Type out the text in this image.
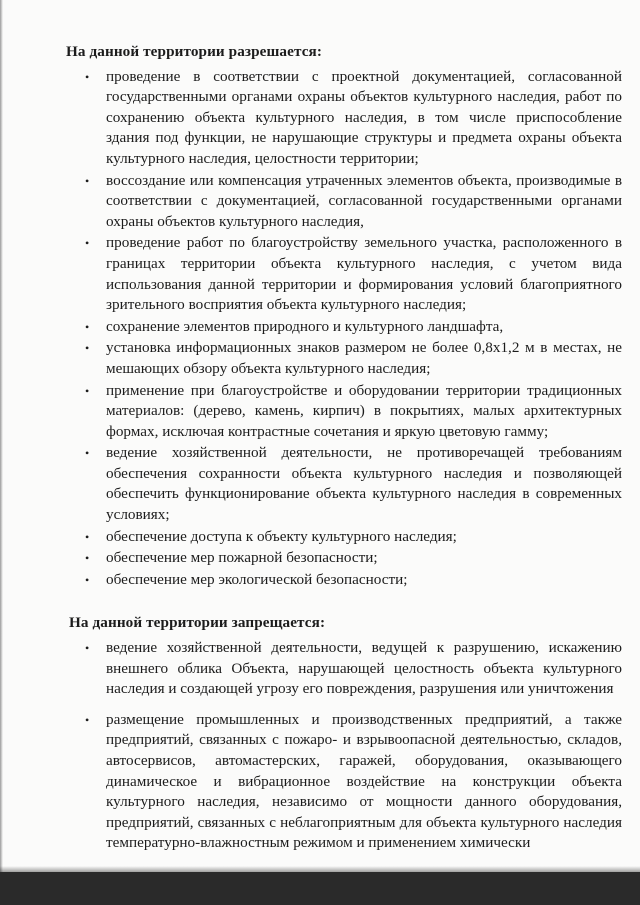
На данной территории разрешается:
• проведение в соответствии с проектной документацией, согласованной государственными органами охраны объектов культурного наследия, работ по сохранению объекта культурного наследия, в том числе приспособление здания под функции, не нарушающие структуры и предмета охраны объекта культурного наследия, целостности территории;
• воссоздание или компенсация утраченных элементов объекта, производимые в соответствии с документацией, согласованной государственными органами охраны объектов культурного наследия,
• проведение работ по благоустройству земельного участка, расположенного в границах территории объекта культурного наследия, с учетом вида использования данной территории и формирования условий благоприятного зрительного восприятия объекта культурного наследия;
• сохранение элементов природного и культурного ландшафта,
• установка информационных знаков размером не более 0,8х1,2 м в местах, не мешающих обзору объекта культурного наследия;
• применение при благоустройстве и оборудовании территории традиционных материалов: (дерево, камень, кирпич) в покрытиях, малых архитектурных формах, исключая контрастные сочетания и яркую цветовую гамму;
• ведение хозяйственной деятельности, не противоречащей требованиям обеспечения сохранности объекта культурного наследия и позволяющей обеспечить функционирование объекта культурного наследия в современных условиях;
• обеспечение доступа к объекту культурного наследия;
• обеспечение мер пожарной безопасности;
• обеспечение мер экологической безопасности;
На данной территории запрещается:
• ведение хозяйственной деятельности, ведущей к разрушению, искажению внешнего облика Объекта, нарушающей целостность объекта культурного наследия и создающей угрозу его повреждения, разрушения или уничтожения
• размещение промышленных и производственных предприятий, а также предприятий, связанных с пожаро- и взрывоопасной деятельностью, складов, автосервисов, автомастерских, гаражей, оборудования, оказывающего динамическое и вибрационное воздействие на конструкции объекта культурного наследия, независимо от мощности данного оборудования, предприятий, связанных с неблагоприятным для объекта культурного наследия температурно-влажностным режимом и применением химически
